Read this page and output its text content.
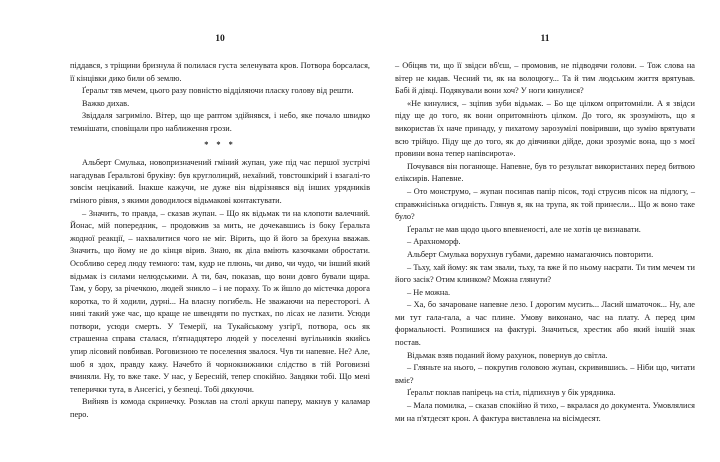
10

піддався, з тріщини бризнула й полилася густа зеленувата кров. Потвора борсалася, її кінцівки дико били об землю.

Ґеральт тяв мечем, цього разу повністю відділяючи пласку голову від решти.

Важко дихав.

Звіддаля загриміло. Вітер, що ще раптом здійнявся, і небо, яке почало швидко темнішати, сповіщали про наближення грози.

* * *

Альберт Смулька, новопризначений гміний жупан, уже під час першої зустрічі нагадував Ґеральтові бруківу: був круглолиций, нехаїний, товстошкірий і взагалі-то зовсім нецікавий. Інакше кажучи, не дуже він відрізнявся від інших урядників гміного рівня, з якими доводилося відьмакові контактувати.

– Значить, то правда, – сказав жупан. – Що як відьмак ти на клопоти валечний. Йонас, мій попередник, – продовжив за мить, не дочекавшись із боку Ґеральта жодної реакції, – нахвалитися чого не міг. Вірить, що й його за брехуна вважав. Значить, що йому не до кінця вірив. Знаю, як діла вміють казочками обростати. Особливо серед люду темного: там, кудр не плюнь, чи диво, чи чудо, чи інший який відьмак із силами нелюдськими. А ти, бач, показав, що вони довго бували щира. Там, у бору, за річечкою, людей зникло – і не пораху. То ж йшло до містечка дорога коротка, то й ходили, дурні... На власну погибель. Не зважаючи на пересторогі. А нині такий уже час, що краще не швендяти по пустках, по лісах не лазити. Усюди потвори, усюди смерть. У Темерії, на Тукайському узгір'ї, потвора, ось як страшенна справа сталася, п'ятнадцятеро людей у поселенні вугільників якийсь упир лісовий повбивав. Роговизною те поселення звалося. Чув ти напевне. Не? Але, шоб я здох, правду кажу. Начебто й чорнокнижники слідство в тій Роговизні вчиняли. Ну, то вже таке. У нас, у Бересній, тепер спокійно. Завдяки тобі. Що мені теперички тута, в Ансегісі, у безпеці. Тобі дякуючи.

Вийняв із комода скринечку. Розклав на столі аркуш паперу, макнув у каламар перо.

11

– Обіцяв ти, що її звідси вб'єш, – промовив, не підводячи голови. – Тож слова на вітер не кидав. Чесний ти, як на волоцюгу... Та й тим людським життя врятував. Бабі й дівці. Подякували вони хоч? У ноги кинулися?

«Не кинулися, – зціпив зуби відьмак. – Бо ще цілком опритомніли. А я звідси піду ще до того, як вони опритомніють цілком. До того, як зрозуміють, що я використав їх наче принаду, у пихатому зарозумілі повіривши, що зумію врятувати всю трійцю. Піду ще до того, як до дівчинки дійде, доки зрозуміє вона, що з моєї провини вона тепер напівсирота».

Почувався він поганюще. Напевне, був то результат використаних перед битвою еліксирів. Напевне.

– Ото монструмо, – жупан посипав папір пісок, тоді струсив пісок на підлогу, – справжнісінька огидність. Глянув я, як на трупа, як той принесли... Що ж воно таке було?

Ґеральт не мав щодо цього впевненості, але не хотів це визнавати.

– Арахноморф.

Альберт Смулька ворухнув губами, даремно намагаючись повторити.

– Тьху, хай йому: як там звали, тьху, та вже й по ньому насрати. Ти тим мечем ти його засік? Отим клинком? Можна глянути?

– Не можна.

– Ха, бо зачароване напевне лезо. І дорогим мусить... Ласий шматочок... Ну, але ми тут гала-гала, а час плине. Умову виконано, час на плату. А перед цим формальності. Розпишися на фактурі. Значиться, хрестик або який іншій знак постав.

Відьмак взяв поданий йому рахунок, повернув до світла.

– Гляньте на нього, – покрутив головою жупан, скривившись. – Ніби що, читати вміє?

Ґеральт поклав папірець на стіл, підпихнув у бік урядника.

– Мала помилка, – сказав спокійно й тихо, – вкралася до документа. Умовлялися ми на п'ятдесят крон. А фактура виставлена на вісімдесят.
